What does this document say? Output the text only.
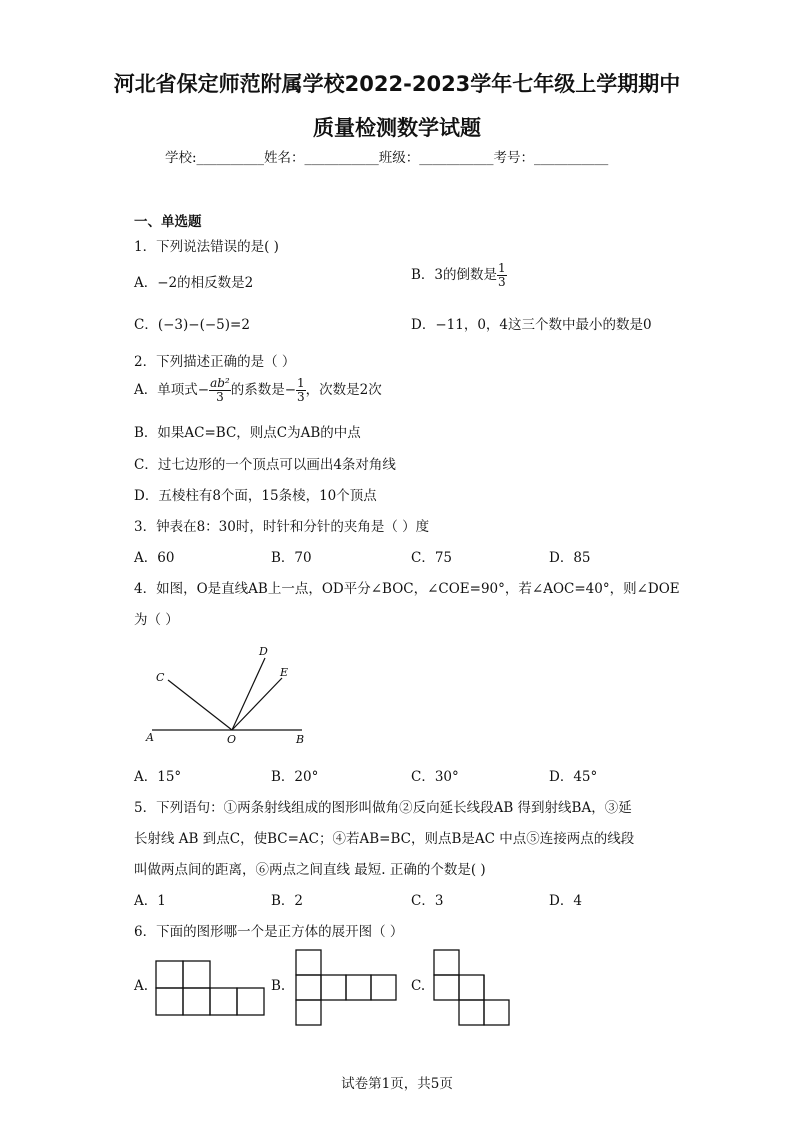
河北省保定师范附属学校2022-2023学年七年级上学期期中
质量检测数学试题
学校:__________姓名：___________班级：___________考号：___________
一、单选题
1．下列说法错误的是( )
A．−2的相反数是2	B．3的倒数是 $\frac{1}{3}$
C．(−3)−(−5)=2	D．−11，0，4这三个数中最小的数是0
2．下列描述正确的是（ ）
A．单项式− $\frac{\text{ab²}}{3}$ 的系数是− $\frac{1}{3}$ ，次数是2次
B．如果AC=BC，则点C为AB的中点
C．过七边形的一个顶点可以画出4条对角线
D．五棱柱有8个面，15条棱，10个顶点
3．钟表在8：30时，时针和分针的夹角是（ ）度
A．60	B．70	C．75	D．85
4．如图，O是直线AB上一点，OD平分∠BOC，∠COE=90°，若∠AOC=40°，则∠DOE
为（ ）
A	O	B
C
D
E
A．15°	B．20°	C．30°	D．45°
5．下列语句：①两条射线组成的图形叫做角②反向延长线段AB 得到射线BA，③延
长射线 AB 到点C，使BC=AC；④若AB=BC，则点B是AC 中点⑤连接两点的线段
叫做两点间的距离，⑥两点之间直线 最短. 正确的个数是( )
A．1	B．2	C．3	D．4
6．下面的图形哪一个是正方体的展开图（ ）
A.	B.	C.
试卷第1页，共5页
